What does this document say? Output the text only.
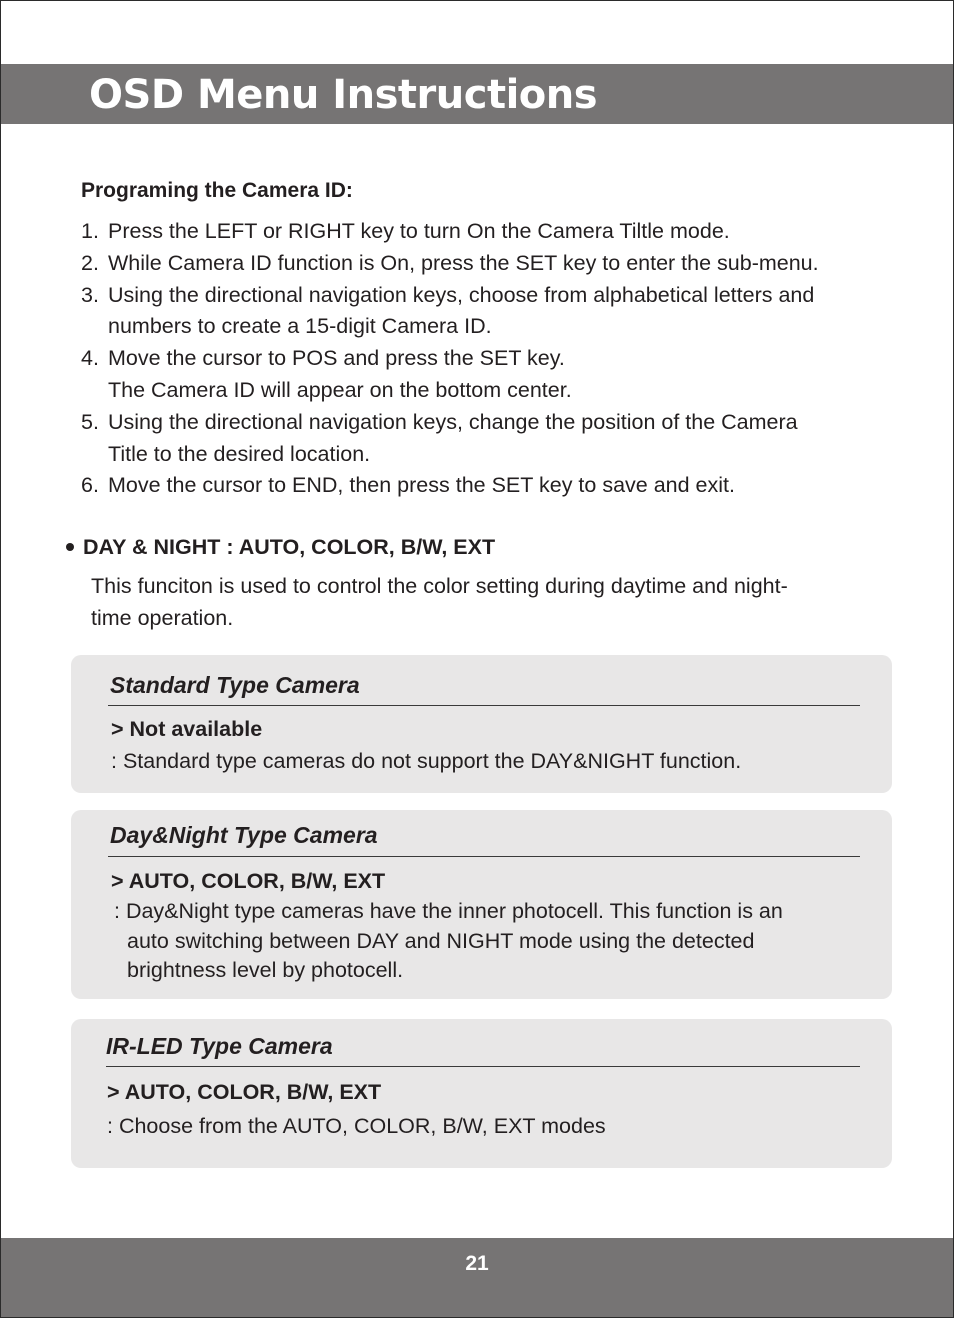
OSD Menu Instructions
Programing the Camera ID:
1. Press the LEFT or RIGHT key to turn On the Camera Tiltle mode.
2. While Camera ID function is On, press the SET key to enter the sub-menu.
3. Using the directional navigation keys, choose from alphabetical letters and
numbers to create a 15-digit Camera ID.
4. Move the cursor to POS and press the SET key.
The Camera ID will appear on the bottom center.
5. Using the directional navigation keys, change the position of the Camera
Title to the desired location.
6. Move the cursor to END, then press the SET key to save and exit.
DAY & NIGHT : AUTO, COLOR, B/W, EXT

This funciton is used to control the color setting during daytime and night-
time operation.

Standard Type Camera
> Not available

: Standard type cameras do not support the DAY&NIGHT function.

Day&Night Type Camera
> AUTO, COLOR, B/W, EXT

: Day&Night type cameras have the inner photocell. This function is an
auto switching between DAY and NIGHT mode using the detected
brightness level by photocell.

IR-LED Type Camera
> AUTO, COLOR, B/W, EXT

: Choose from the AUTO, COLOR, B/W, EXT modes

21
